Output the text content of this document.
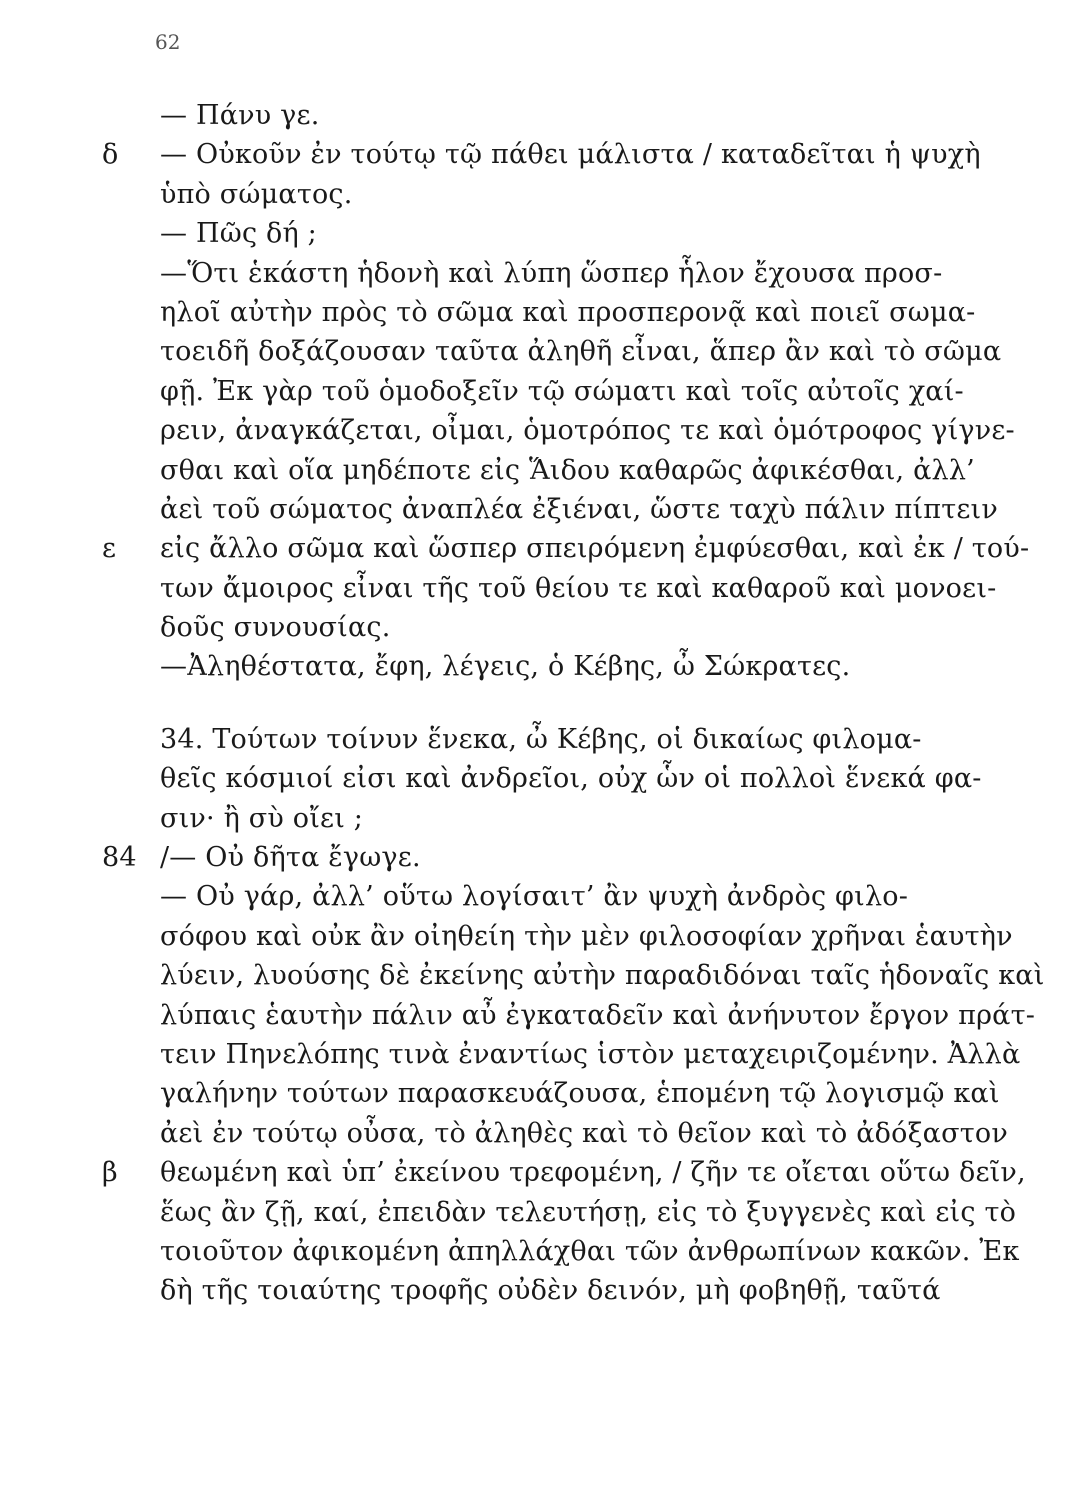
62
— Πάνυ γε.
δ — Οὐκοῦν ἐν τούτῳ τῷ πάθει μάλιστα / καταδεῖται ἡ ψυχὴ
ὑπὸ σώματος.
— Πῶς δή ;
—Ὅτι ἑκάστη ἡδονὴ καὶ λύπη ὥσπερ ἧλον ἔχουσα προσ-
ηλοῖ αὐτὴν πρὸς τὸ σῶμα καὶ προσπερονᾷ καὶ ποιεῖ σωμα-
τοειδῆ δοξάζουσαν ταῦτα ἀληθῆ εἶναι, ἅπερ ἂν καὶ τὸ σῶμα
φῇ. Ἐκ γὰρ τοῦ ὁμοδοξεῖν τῷ σώματι καὶ τοῖς αὐτοῖς χαί-
ρειν, ἀναγκάζεται, οἶμαι, ὁμοτρόπος τε καὶ ὁμότροφος γίγνε-
σθαι καὶ οἵα μηδέποτε εἰς Ἅιδου καθαρῶς ἀφικέσθαι, ἀλλ’
ἀεὶ τοῦ σώματος ἀναπλέα ἐξιέναι, ὥστε ταχὺ πάλιν πίπτειν
ε εἰς ἄλλο σῶμα καὶ ὥσπερ σπειρόμενη ἐμφύεσθαι, καὶ ἐκ / τού-
των ἄμοιρος εἶναι τῆς τοῦ θείου τε καὶ καθαροῦ καὶ μονοει-
δοῦς συνουσίας.
—Ἀληθέστατα, ἔφη, λέγεις, ὁ Κέβης, ὦ Σώκρατες.
34. Τούτων τοίνυν ἕνεκα, ὦ Κέβης, οἱ δικαίως φιλομα-
θεῖς κόσμιοί εἰσι καὶ ἀνδρεῖοι, οὐχ ὧν οἱ πολλοὶ ἕνεκά φα-
σιν· ἢ σὺ οἴει ;
84 /— Οὐ δῆτα ἔγωγε.
— Οὐ γάρ, ἀλλ’ οὕτω λογίσαιτ’ ἂν ψυχὴ ἀνδρὸς φιλο-
σόφου καὶ οὐκ ἂν οἰηθείη τὴν μὲν φιλοσοφίαν χρῆναι ἑαυτὴν
λύειν, λυούσης δὲ ἐκείνης αὐτὴν παραδιδόναι ταῖς ἡδοναῖς καὶ
λύπαις ἑαυτὴν πάλιν αὖ ἐγκαταδεῖν καὶ ἀνήνυτον ἔργον πράτ-
τειν Πηνελόπης τινὰ ἐναντίως ἱστὸν μεταχειριζομένην. Ἀλλὰ
γαλήνην τούτων παρασκευάζουσα, ἑπομένη τῷ λογισμῷ καὶ
ἀεὶ ἐν τούτῳ οὖσα, τὸ ἀληθὲς καὶ τὸ θεῖον καὶ τὸ ἀδόξαστον
β θεωμένη καὶ ὑπ’ ἐκείνου τρεφομένη, / ζῆν τε οἴεται οὕτω δεῖν,
ἕως ἂν ζῇ, καί, ἐπειδὰν τελευτήσῃ, εἰς τὸ ξυγγενὲς καὶ εἰς τὸ
τοιοῦτον ἀφικομένη ἀπηλλάχθαι τῶν ἀνθρωπίνων κακῶν. Ἐκ
δὴ τῆς τοιαύτης τροφῆς οὐδὲν δεινόν, μὴ φοβηθῇ, ταῦτά
